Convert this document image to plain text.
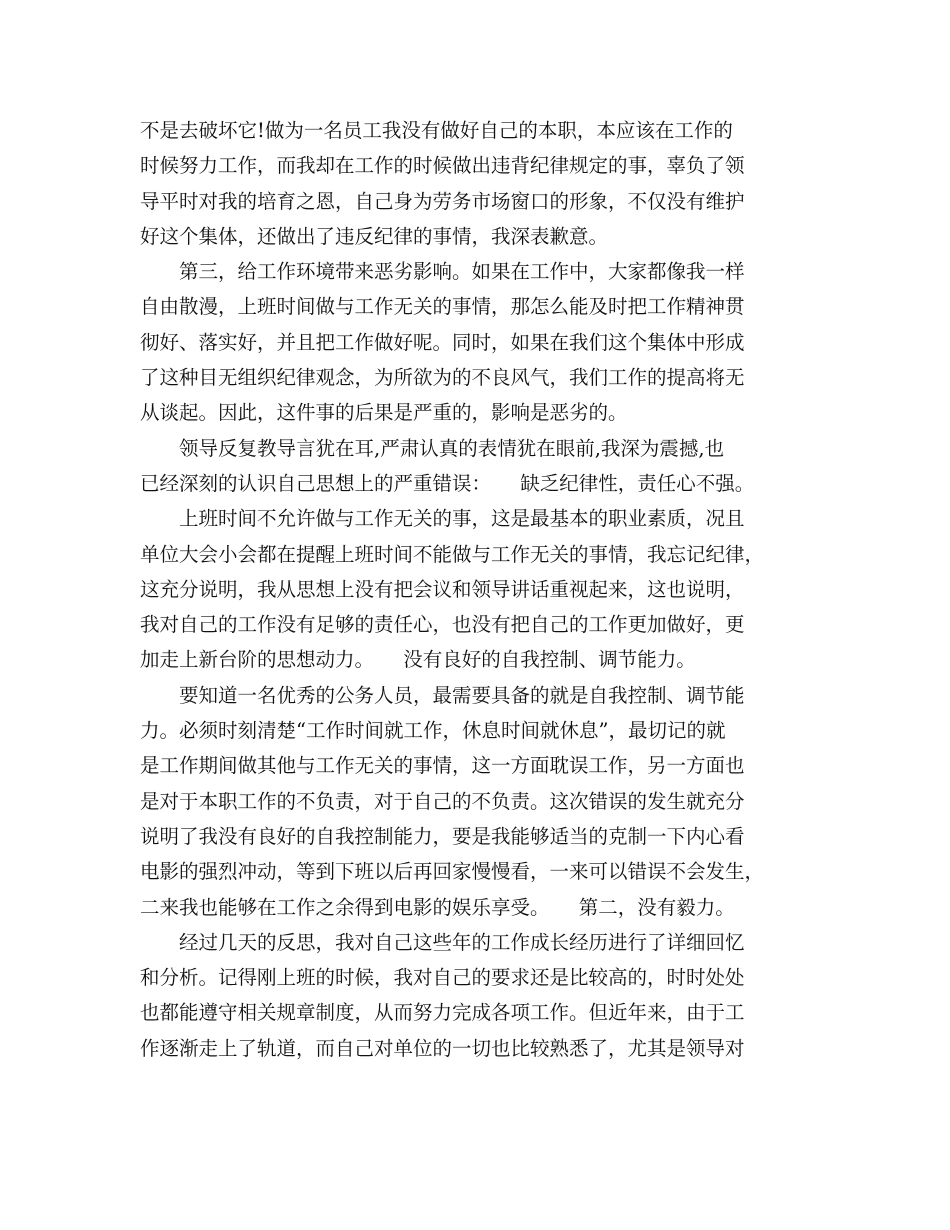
不是去破坏它!做为一名员工我没有做好自己的本职，本应该在工作的
时候努力工作，而我却在工作的时候做出违背纪律规定的事，辜负了领
导平时对我的培育之恩，自己身为劳务市场窗口的形象，不仅没有维护
好这个集体，还做出了违反纪律的事情，我深表歉意。
　　第三，给工作环境带来恶劣影响。如果在工作中，大家都像我一样
自由散漫，上班时间做与工作无关的事情，那怎么能及时把工作精神贯
彻好、落实好，并且把工作做好呢。同时，如果在我们这个集体中形成
了这种目无组织纪律观念，为所欲为的不良风气，我们工作的提高将无
从谈起。因此，这件事的后果是严重的，影响是恶劣的。
　　领导反复教导言犹在耳,严肃认真的表情犹在眼前,我深为震撼,也
已经深刻的认识自己思想上的严重错误：　　缺乏纪律性，责任心不强。
　　上班时间不允许做与工作无关的事，这是最基本的职业素质，况且
单位大会小会都在提醒上班时间不能做与工作无关的事情，我忘记纪律，
这充分说明，我从思想上没有把会议和领导讲话重视起来，这也说明，
我对自己的工作没有足够的责任心，也没有把自己的工作更加做好，更
加走上新台阶的思想动力。　　没有良好的自我控制、调节能力。
　　要知道一名优秀的公务人员，最需要具备的就是自我控制、调节能
力。必须时刻清楚“工作时间就工作，休息时间就休息”，最切记的就
是工作期间做其他与工作无关的事情，这一方面耽误工作，另一方面也
是对于本职工作的不负责，对于自己的不负责。这次错误的发生就充分
说明了我没有良好的自我控制能力，要是我能够适当的克制一下内心看
电影的强烈冲动，等到下班以后再回家慢慢看，一来可以错误不会发生，
二来我也能够在工作之余得到电影的娱乐享受。　　第二，没有毅力。
　　经过几天的反思，我对自己这些年的工作成长经历进行了详细回忆
和分析。记得刚上班的时候，我对自己的要求还是比较高的，时时处处
也都能遵守相关规章制度，从而努力完成各项工作。但近年来，由于工
作逐渐走上了轨道，而自己对单位的一切也比较熟悉了，尤其是领导对
